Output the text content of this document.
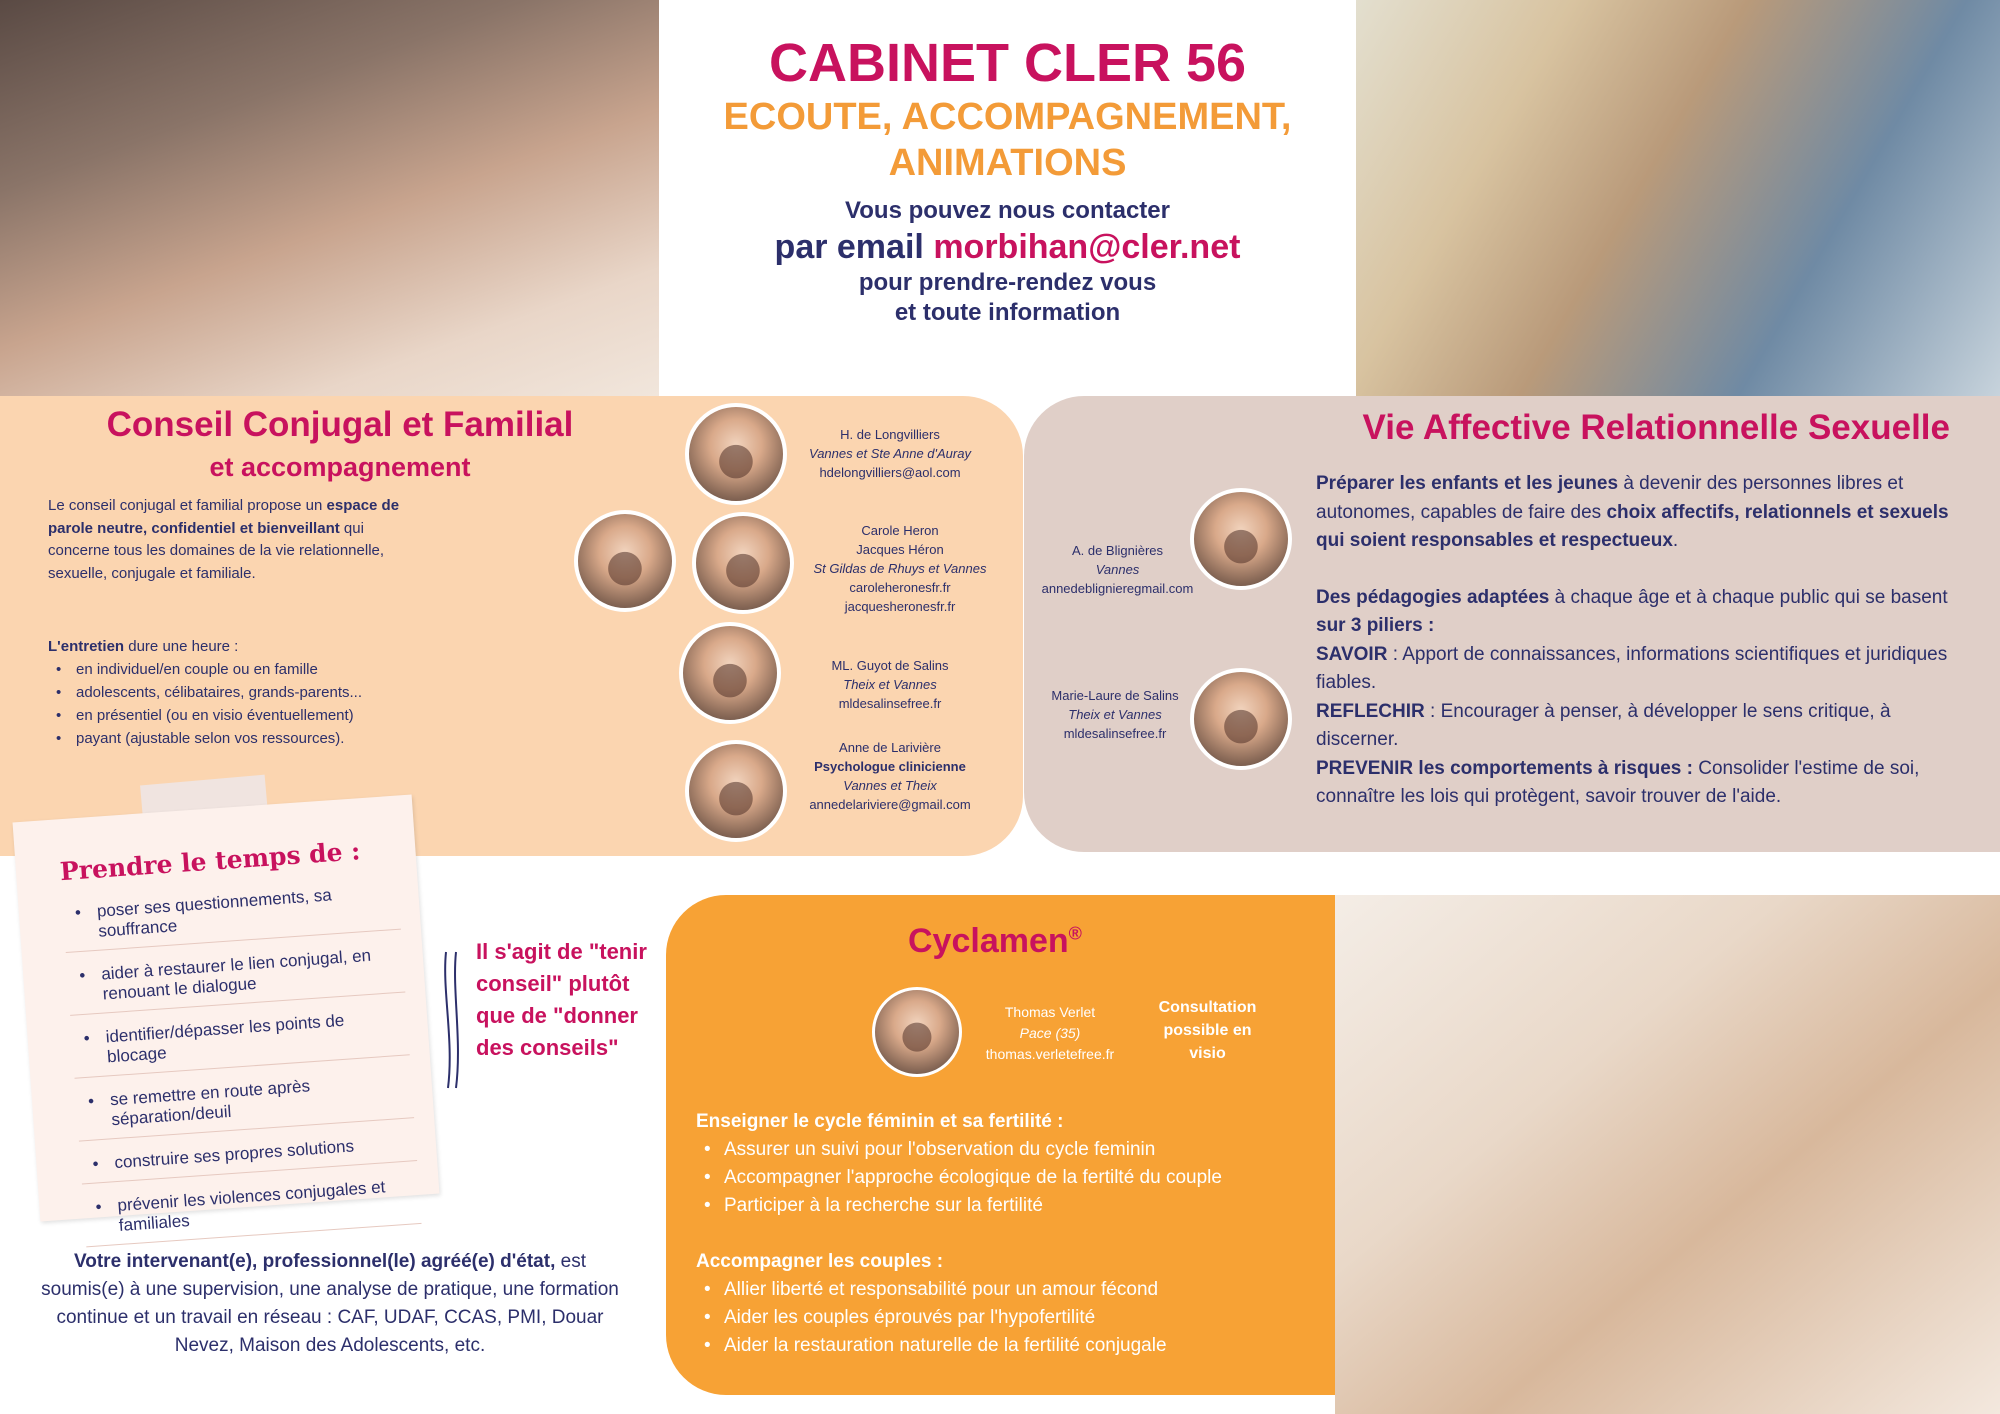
CABINET CLER 56
ECOUTE, ACCOMPAGNEMENT,
ANIMATIONS
Vous pouvez nous contacter
par email morbihan@cler.net
pour prendre-rendez vous
et toute information
Conseil Conjugal et Familial
et accompagnement
Le conseil conjugal et familial propose un espace de parole neutre, confidentiel et bienveillant qui concerne tous les domaines de la vie relationnelle, sexuelle, conjugale et familiale.
L'entretien dure une heure :
• en individuel/en couple ou en famille
• adolescents, célibataires, grands-parents...
• en présentiel (ou en visio éventuellement)
• payant (ajustable selon vos ressources).
●
●	●
●
●
H. de Longvilliers
Vannes et Ste Anne d'Auray
hdelongvilliers@aol.com
Carole Heron
Jacques Héron
St Gildas de Rhuys et Vannes
caroleheronesfr.fr
jacquesheronesfr.fr
ML. Guyot de Salins
Theix et Vannes
mldesalinsefree.fr
Anne de Larivière
Psychologue clinicienne
Vannes et Theix
annedelariviere@gmail.com
Vie Affective Relationnelle Sexuelle
●
●
A. de Blignières
Vannes
annedeblignieregmail.com
Marie-Laure de Salins
Theix et Vannes
mldesalinsefree.fr
Préparer les enfants et les jeunes à devenir des personnes libres et autonomes, capables de faire des choix affectifs, relationnels et sexuels qui soient responsables et respectueux.
Des pédagogies adaptées à chaque âge et à chaque public qui se basent sur 3 piliers :
SAVOIR : Apport de connaissances, informations scientifiques et juridiques fiables.
REFLECHIR : Encourager à penser, à développer le sens critique, à discerner.
PREVENIR les comportements à risques : Consolider l'estime de soi, connaître les lois qui protègent, savoir trouver de l'aide.
Prendre le temps de :
• poser ses questionnements, sa souffrance
• aider à restaurer le lien conjugal, en renouant le dialogue
• identifier/dépasser les points de blocage
• se remettre en route après séparation/deuil
• construire ses propres solutions
• prévenir les violences conjugales et familiales
Il s'agit de "tenir conseil" plutôt que de "donner des conseils"
Votre intervenant(e), professionnel(le) agréé(e) d'état, est soumis(e) à une supervision, une analyse de pratique, une formation continue et un travail en réseau : CAF, UDAF, CCAS, PMI, Douar Nevez, Maison des Adolescents, etc.
Cyclamen®
●	Thomas Verlet
Pace (35)
thomas.verletefree.fr
Consultation possible en visio
Enseigner le cycle féminin et sa fertilité :
• Assurer un suivi pour l'observation du cycle feminin
• Accompagner l'approche écologique de la fertilté du couple
• Participer à la recherche sur la fertilité
Accompagner les couples :
• Allier liberté et responsabilité pour un amour fécond
• Aider les couples éprouvés par l'hypofertilité
• Aider la restauration naturelle de la fertilité conjugale
